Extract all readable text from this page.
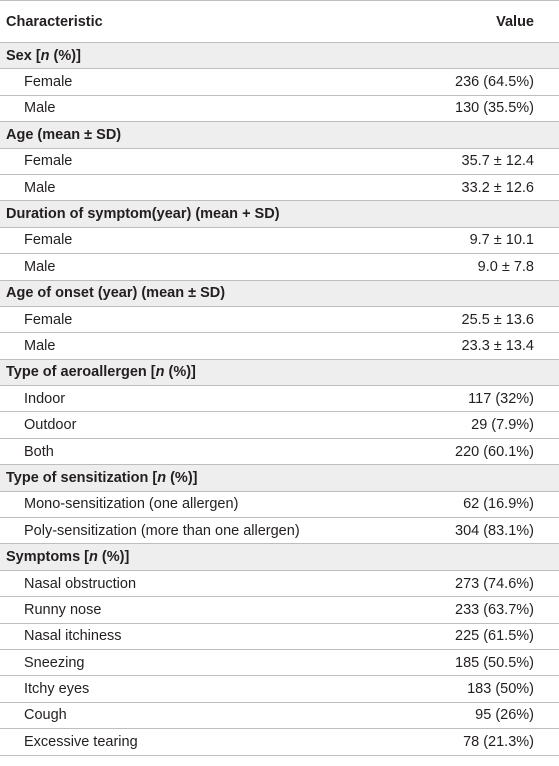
Characteristic	Value
Sex [n (%)]
Female	236 (64.5%)
Male	130 (35.5%)
Age (mean ± SD)
Female	35.7 ± 12.4
Male	33.2 ± 12.6
Duration of symptom(year) (mean + SD)
Female	9.7 ± 10.1
Male	9.0 ± 7.8
Age of onset (year) (mean ± SD)
Female	25.5 ± 13.6
Male	23.3 ± 13.4
Type of aeroallergen [n (%)]
Indoor	117 (32%)
Outdoor	29 (7.9%)
Both	220 (60.1%)
Type of sensitization [n (%)]
Mono-sensitization (one allergen)	62 (16.9%)
Poly-sensitization (more than one allergen)	304 (83.1%)
Symptoms [n (%)]
Nasal obstruction	273 (74.6%)
Runny nose	233 (63.7%)
Nasal itchiness	225 (61.5%)
Sneezing	185 (50.5%)
Itchy eyes	183 (50%)
Cough	95 (26%)
Excessive tearing	78 (21.3%)
